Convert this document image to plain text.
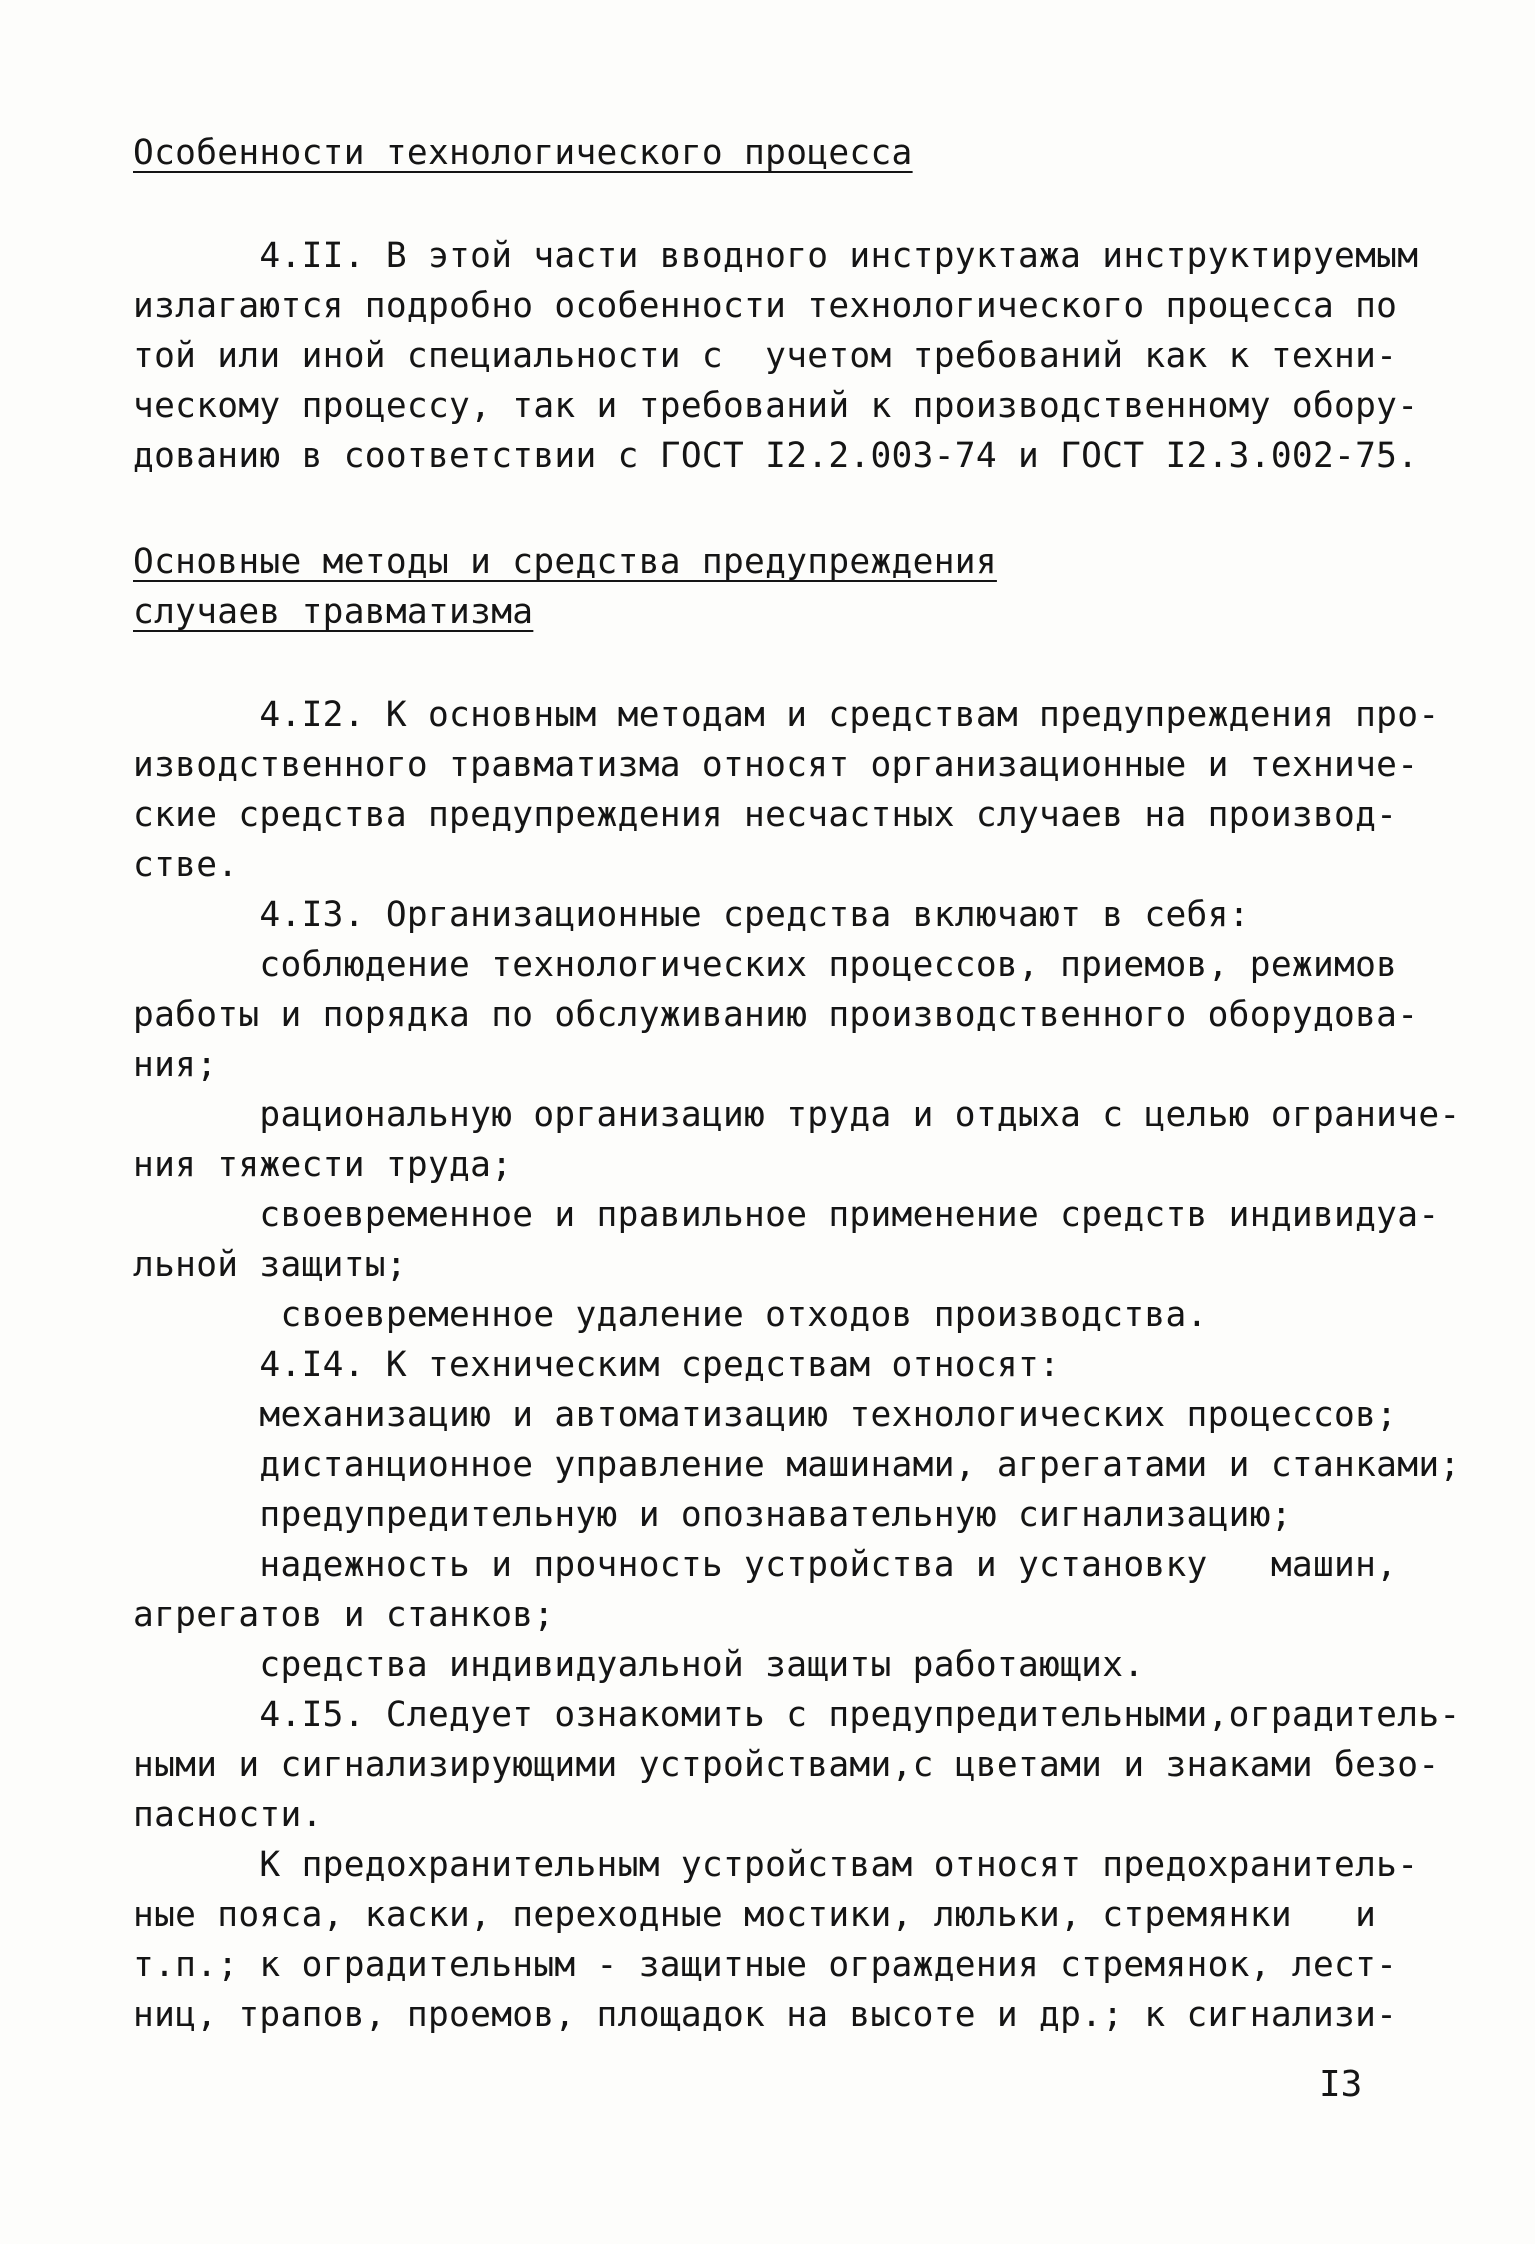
Особенности технологического процесса
4.II. В этой части вводного инструктажа инструктируемым
излагаются подробно особенности технологического процесса по
той или иной специальности с  учетом требований как к техни-
ческому процессу, так и требований к производственному обору-
дованию в соответствии с ГОСТ I2.2.003-74 и ГОСТ I2.3.002-75.
Основные методы и средства предупреждения
случаев травматизма
4.I2. К основным методам и средствам предупреждения про-
изводственного травматизма относят организационные и техниче-
ские средства предупреждения несчастных случаев на производ-
стве.
4.I3. Организационные средства включают в себя:
соблюдение технологических процессов, приемов, режимов
работы и порядка по обслуживанию производственного оборудова-
ния;
рациональную организацию труда и отдыха с целью ограниче-
ния тяжести труда;
своевременное и правильное применение средств индивидуа-
льной защиты;
своевременное удаление отходов производства.
4.I4. К техническим средствам относят:
механизацию и автоматизацию технологических процессов;
дистанционное управление машинами, агрегатами и станками;
предупредительную и опознавательную сигнализацию;
надежность и прочность устройства и установку   машин,
агрегатов и станков;
средства индивидуальной защиты работающих.
4.I5. Следует ознакомить с предупредительными,оградитель-
ными и сигнализирующими устройствами,с цветами и знаками безо-
пасности.
К предохранительным устройствам относят предохранитель-
ные пояса, каски, переходные мостики, люльки, стремянки   и
т.п.; к оградительным - защитные ограждения стремянок, лест-
ниц, трапов, проемов, площадок на высоте и др.; к сигнализи-
I3
